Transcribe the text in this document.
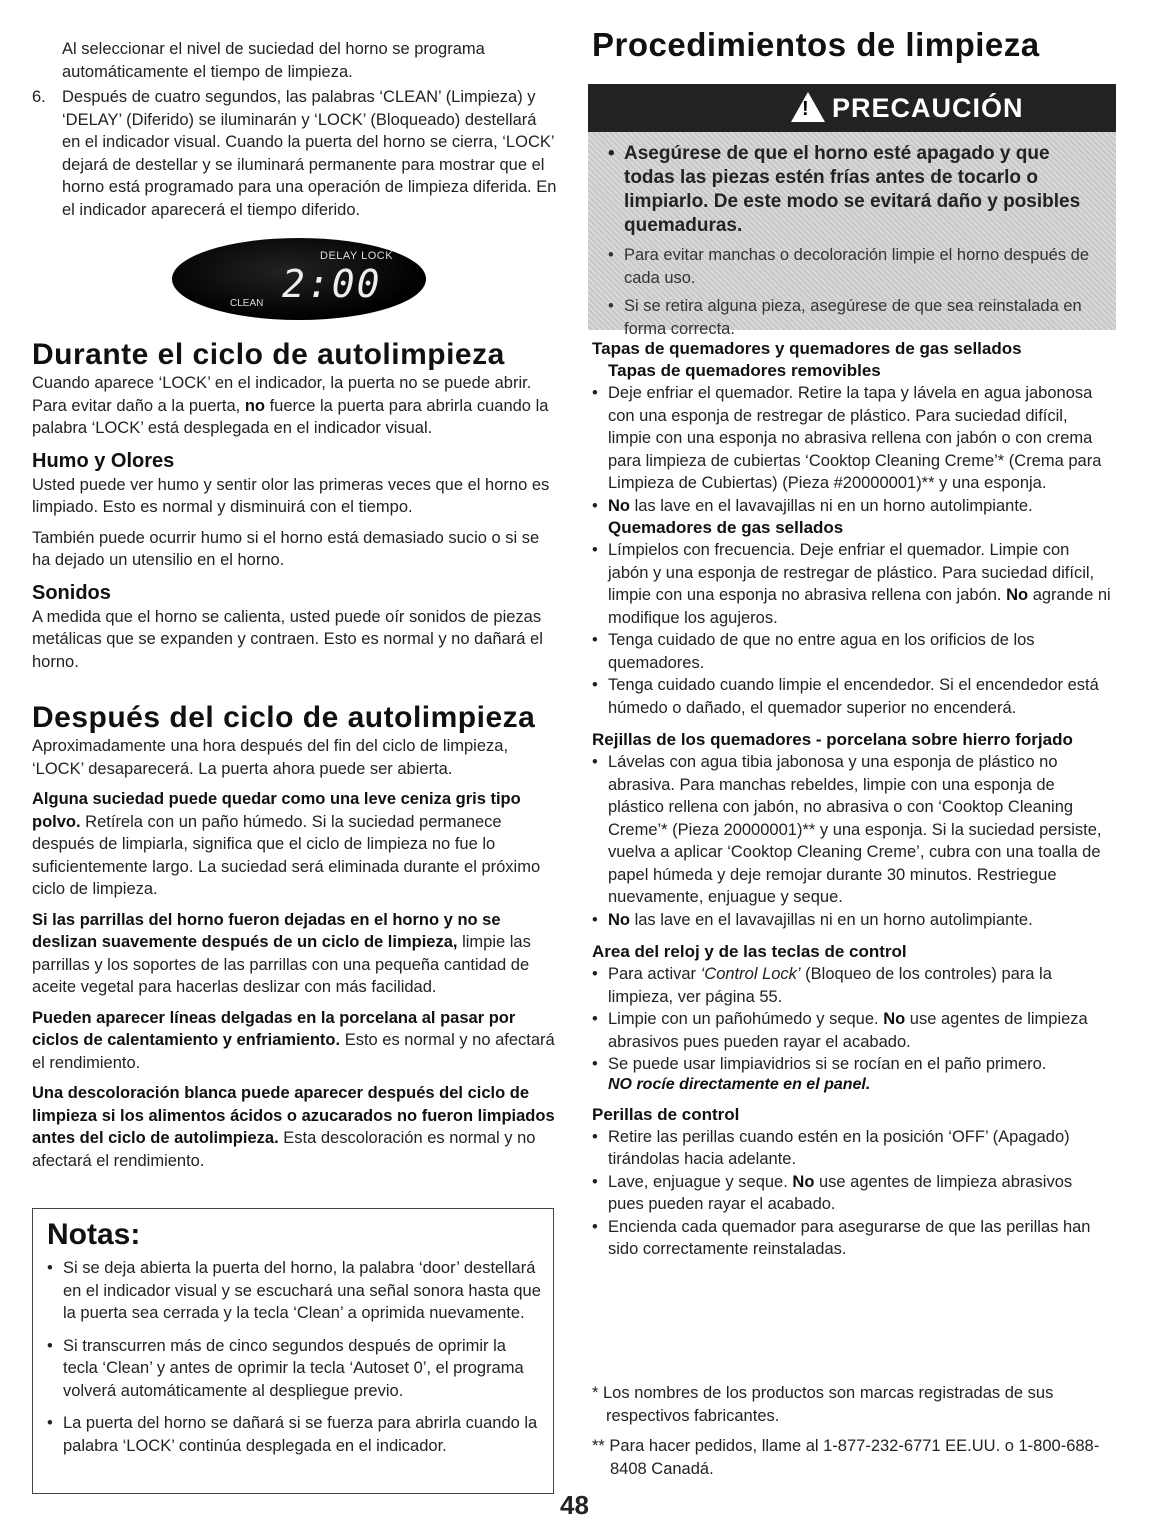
Al seleccionar el nivel de suciedad del horno se programa automáticamente el tiempo de limpieza.

6. Después de cuatro segundos, las palabras ‘CLEAN’ (Limpieza) y ‘DELAY’ (Diferido) se iluminarán y ‘LOCK’ (Bloqueado) destellará en el indicador visual. Cuando la puerta del horno se cierra, ‘LOCK’ dejará de destellar y se iluminará permanente para mostrar que el horno está programado para una operación de limpieza diferida. En el indicador aparecerá el tiempo diferido.

DELAY LOCK
2:00
CLEAN
Durante el ciclo de autolimpieza

Cuando aparece ‘LOCK’ en el indicador, la puerta no se puede abrir. Para evitar daño a la puerta, no fuerce la puerta para abrirla cuando la palabra ‘LOCK’ está desplegada en el indicador visual.

Humo y Olores

Usted puede ver humo y sentir olor las primeras veces que el horno es limpiado. Esto es normal y disminuirá con el tiempo.

También puede ocurrir humo si el horno está demasiado sucio o si se ha dejado un utensilio en el horno.

Sonidos

A medida que el horno se calienta, usted puede oír sonidos de piezas metálicas que se expanden y contraen. Esto es normal y no dañará el horno.

Después del ciclo de autolimpieza

Aproximadamente una hora después del fin del ciclo de limpieza, ‘LOCK’ desaparecerá. La puerta ahora puede ser abierta.

Alguna suciedad puede quedar como una leve ceniza gris tipo polvo. Retírela con un paño húmedo. Si la suciedad permanece después de limpiarla, significa que el ciclo de limpieza no fue lo suficientemente largo. La suciedad será eliminada durante el próximo ciclo de limpieza.

Si las parrillas del horno fueron dejadas en el horno y no se deslizan suavemente después de un ciclo de limpieza, limpie las parrillas y los soportes de las parrillas con una pequeña cantidad de aceite vegetal para hacerlas deslizar con más facilidad.

Pueden aparecer líneas delgadas en la porcelana al pasar por ciclos de calentamiento y enfriamiento. Esto es normal y no afectará el rendimiento.

Una descoloración blanca puede aparecer después del ciclo de limpieza si los alimentos ácidos o azucarados no fueron limpiados antes del ciclo de autolimpieza. Esta descoloración es normal y no afectará el rendimiento.

Notas:
• Si se deja abierta la puerta del horno, la palabra ‘door’ destellará en el indicador visual y se escuchará una señal sonora hasta que la puerta sea cerrada y la tecla ‘Clean’ a oprimida nuevamente.
• Si transcurren más de cinco segundos después de oprimir la tecla ‘Clean’ y antes de oprimir la tecla ‘Autoset 0’, el programa volverá automáticamente al despliegue previo.
• La puerta del horno se dañará si se fuerza para abrirla cuando la palabra ‘LOCK’ continúa desplegada en el indicador.
Procedimientos de limpieza
! PRECAUCIÓN
• Asegúrese de que el horno esté apagado y que todas las piezas estén frías antes de tocarlo o limpiarlo. De este modo se evitará daño y posibles quemaduras.
• Para evitar manchas o decoloración limpie el horno después de cada uso.
• Si se retira alguna pieza, asegúrese de que sea reinstalada en forma correcta.
Tapas de quemadores y quemadores de gas sellados
Tapas de quemadores removibles
• Deje enfriar el quemador. Retire la tapa y lávela en agua jabonosa con una esponja de restregar de plástico. Para suciedad difícil, limpie con una esponja no abrasiva rellena con jabón o con crema para limpieza de cubiertas ‘Cooktop Cleaning Creme’* (Crema para Limpieza de Cubiertas) (Pieza #20000001)** y una esponja.
• No las lave en el lavavajillas ni en un horno autolimpiante.
Quemadores de gas sellados
• Límpielos con frecuencia. Deje enfriar el quemador. Limpie con jabón y una esponja de restregar de plástico. Para suciedad difícil, limpie con una esponja no abrasiva rellena con jabón. No agrande ni modifique los agujeros.
• Tenga cuidado de que no entre agua en los orificios de los quemadores.
• Tenga cuidado cuando limpie el encendedor. Si el encendedor está húmedo o dañado, el quemador superior no encenderá.
Rejillas de los quemadores - porcelana sobre hierro forjado
• Lávelas con agua tibia jabonosa y una esponja de plástico no abrasiva. Para manchas rebeldes, limpie con una esponja de plástico rellena con jabón, no abrasiva o con ‘Cooktop Cleaning Creme’* (Pieza 20000001)** y una esponja. Si la suciedad persiste, vuelva a aplicar ‘Cooktop Cleaning Creme’, cubra con una toalla de papel húmeda y deje remojar durante 30 minutos. Restriegue nuevamente, enjuague y seque.
• No las lave en el lavavajillas ni en un horno autolimpiante.
Area del reloj y de las teclas de control
• Para activar ‘Control Lock’ (Bloqueo de los controles) para la limpieza, ver página 55.
• Limpie con un pañohúmedo y seque. No use agentes de limpieza abrasivos pues pueden rayar el acabado.
• Se puede usar limpiavidrios si se rocían en el paño primero.
NO rocíe directamente en el panel.
Perillas de control
• Retire las perillas cuando estén en la posición ‘OFF’ (Apagado) tirándolas hacia adelante.
• Lave, enjuague y seque. No use agentes de limpieza abrasivos pues pueden rayar el acabado.
• Encienda cada quemador para asegurarse de que las perillas han sido correctamente reinstaladas.

* Los nombres de los productos son marcas registradas de sus respectivos fabricantes.

** Para hacer pedidos, llame al 1-877-232-6771 EE.UU. o 1-800-688-8408 Canadá.

48
